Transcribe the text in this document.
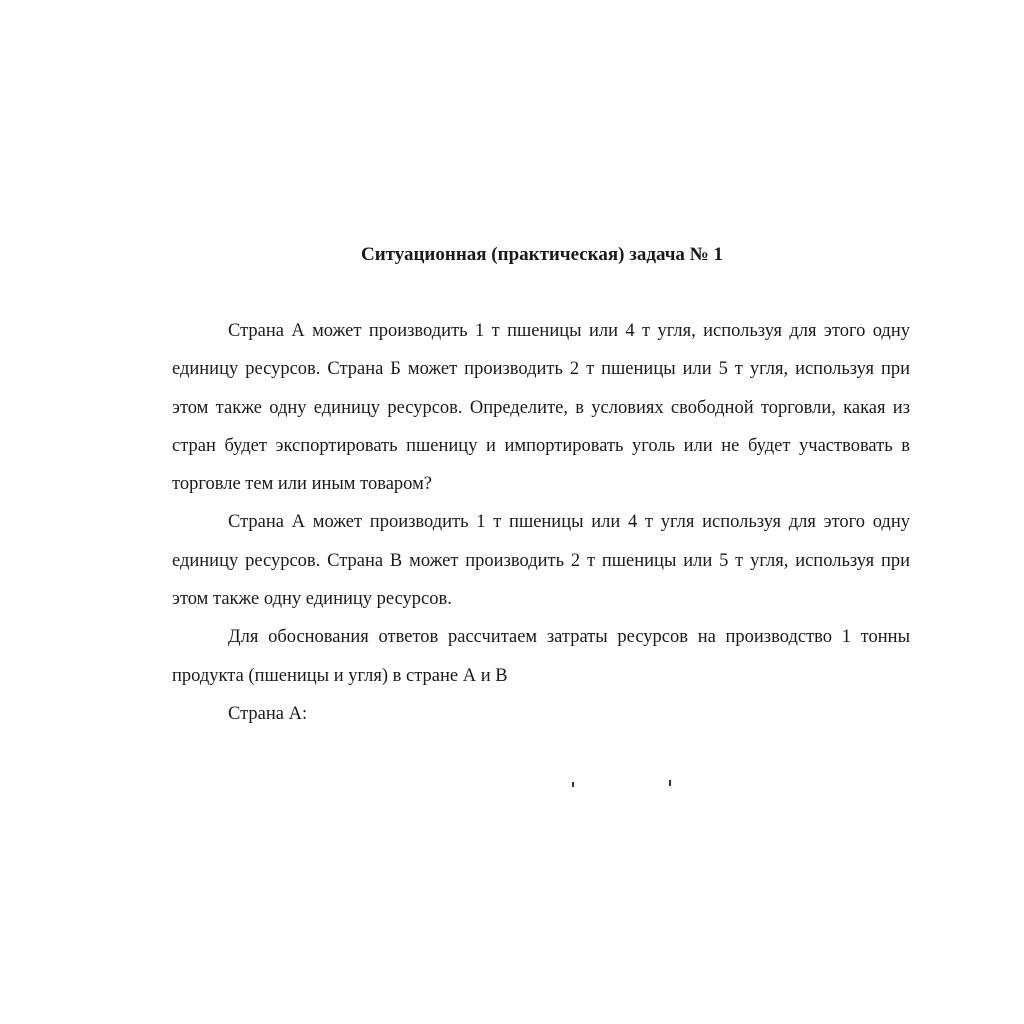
Ситуационная (практическая) задача № 1

Страна А может производить 1 т пшеницы или 4 т угля, используя для этого одну единицу ресурсов. Страна Б может производить 2 т пшеницы или 5 т угля, используя при этом также одну единицу ресурсов. Определите, в условиях свободной торговли, какая из стран будет экспортировать пшеницу и импортировать уголь или не будет участвовать в торговле тем или иным товаром?

Страна А может производить 1 т пшеницы или 4 т угля используя для этого одну единицу ресурсов. Страна В может производить 2 т пшеницы или 5 т угля, используя при этом также одну единицу ресурсов.

Для обоснования ответов рассчитаем затраты ресурсов на производство 1 тонны продукта (пшеницы и угля) в стране А и В

Страна А:
